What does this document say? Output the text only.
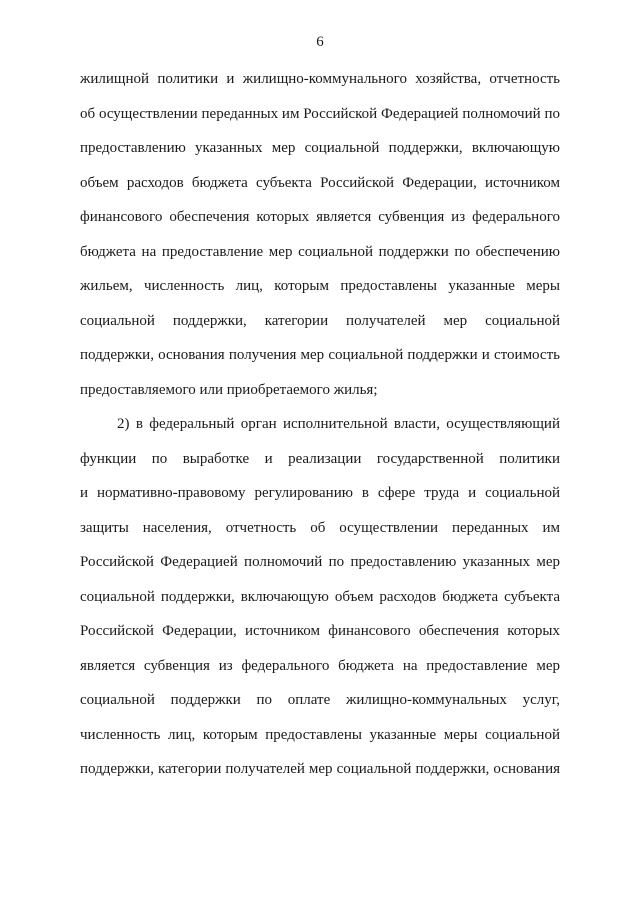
6

жилищной политики и жилищно-коммунального хозяйства, отчетность
об осуществлении переданных им Российской Федерацией полномочий по
предоставлению указанных мер социальной поддержки, включающую
объем расходов бюджета субъекта Российской Федерации, источником
финансового обеспечения которых является субвенция из федерального
бюджета на предоставление мер социальной поддержки по обеспечению
жильем, численность лиц, которым предоставлены указанные меры
социальной поддержки, категории получателей мер социальной
поддержки, основания получения мер социальной поддержки и стоимость
предоставляемого или приобретаемого жилья;

2) в федеральный орган исполнительной власти, осуществляющий
функции по выработке и реализации государственной политики
и нормативно-правовому регулированию в сфере труда и социальной
защиты населения, отчетность об осуществлении переданных им
Российской Федерацией полномочий по предоставлению указанных мер
социальной поддержки, включающую объем расходов бюджета субъекта
Российской Федерации, источником финансового обеспечения которых
является субвенция из федерального бюджета на предоставление мер
социальной поддержки по оплате жилищно-коммунальных услуг,
численность лиц, которым предоставлены указанные меры социальной
поддержки, категории получателей мер социальной поддержки, основания
